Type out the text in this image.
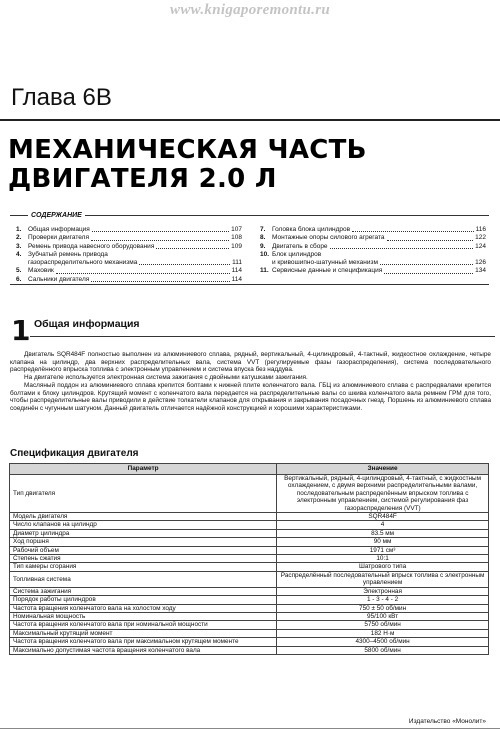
www.knigaporemontu.ru
Глава 6В
МЕХАНИЧЕСКАЯ ЧАСТЬ
ДВИГАТЕЛЯ 2.0 Л
СОДЕРЖАНИЕ
1.	Общая информация	107
2.	Проверки двигателя	108
3.	Ремень привода навесного оборудования	109
4.	Зубчатый ремень привода
газораспределительного механизма	111
5.	Маховик	114
6.	Сальники двигателя	114
7.	Головка блока цилиндров	116
8.	Монтажные опоры силового агрегата	122
9.	Двигатель в сборе	124
10. Блок цилиндров
и кривошипно-шатунный механизм	126
11. Сервисные данные и спецификация	134
1 Общая информация

Двигатель SQR484F полностью выполнен из алюминиевого сплава, рядный, вертикальный, 4-цилиндровый, 4-тактный, жидкостное охлаждение, четыре клапана на цилиндр, два верхних распределительных вала, система VVT (регулируемые фазы газораспределения), система последовательного распределённого впрыска топлива с электронным управлением и система впуска без наддува.

На двигателе используется электронная система зажигания с двойными катушками зажигания.

Масляный поддон из алюминиевого сплава крепится болтами к нижней плите коленчатого вала. ГБЦ из алюминиевого сплава с распредвалами крепится болтами к блоку цилиндров. Крутящий момент с коленчатого вала передается на распределительные валы со шкива коленчатого вала ремнем ГРМ для того, чтобы распределительные валы приводили в действие толкатели клапанов для открывания и закрывания посадочных гнезд. Поршень из алюминиевого сплава соединён с чугунным шатуном. Данный двигатель отличается надёжной конструкцией и хорошими характеристиками.

Спецификация двигателя
Параметр	Значение
Тип двигателя	Вертикальный, рядный, 4-цилиндровый, 4-тактный, с жидкостным охлаждением, с двумя верхними распределительными валами, последовательным распределённым впрыском топлива с электронным управлением, системой регулирования фаз газораспределения (VVT)
Модель двигателя	SQR484F
Число клапанов на цилиндр	4
Диаметр цилиндра	83.5 мм
Ход поршня	90 мм
Рабочий объем	1971 см³
Степень сжатия	10:1
Тип камеры сгорания	Шатрового типа
Топливная система	Распределённый последовательный впрыск топлива с электронным управлением
Система зажигания	Электронная
Порядок работы цилиндров	1 - 3 - 4 - 2
Частота вращения коленчатого вала на холостом ходу	750 ± 50 об/мин
Номинальная мощность	95/100 кВт
Частота вращения коленчатого вала при номинальной мощности	5750 об/мин
Максимальный крутящий момент	182 Н·м
Частота вращения коленчатого вала при максимальном крутящем моменте	4300–4500 об/мин
Максимально допустимая частота вращения коленчатого вала	5800 об/мин
Издательство «Монолит»
